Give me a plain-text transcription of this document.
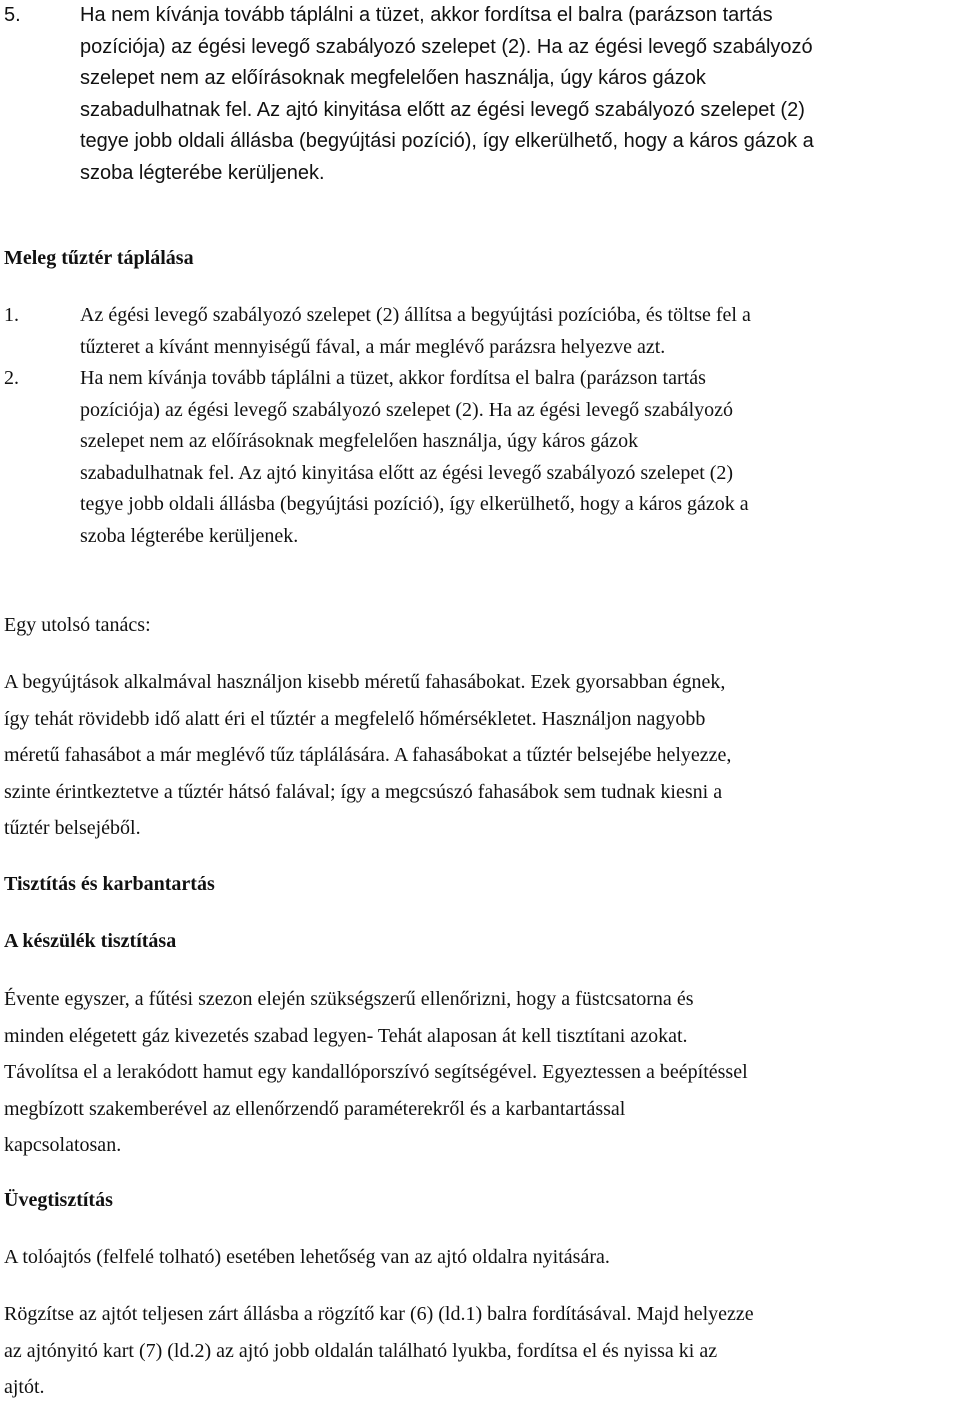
5.	Ha nem kívánja tovább táplálni a tüzet, akkor fordítsa el balra (parázson tartás
pozíciója) az égési levegő szabályozó szelepet (2). Ha az égési levegő szabályozó
szelepet nem az előírásoknak megfelelően használja, úgy káros gázok
szabadulhatnak fel. Az ajtó kinyitása előtt az égési levegő szabályozó szelepet (2)
tegye jobb oldali állásba (begyújtási pozíció), így elkerülhető, hogy a káros gázok a
szoba légterébe kerüljenek.
Meleg tűztér táplálása
1.	Az égési levegő szabályozó szelepet (2) állítsa a begyújtási pozícióba, és töltse fel a
tűzteret a kívánt mennyiségű fával, a már meglévő parázsra helyezve azt.
2.	Ha nem kívánja tovább táplálni a tüzet, akkor fordítsa el balra (parázson tartás
pozíciója) az égési levegő szabályozó szelepet (2). Ha az égési levegő szabályozó
szelepet nem az előírásoknak megfelelően használja, úgy káros gázok
szabadulhatnak fel. Az ajtó kinyitása előtt az égési levegő szabályozó szelepet (2)
tegye jobb oldali állásba (begyújtási pozíció), így elkerülhető, hogy a káros gázok a
szoba légterébe kerüljenek.

Egy utolsó tanács:

A begyújtások alkalmával használjon kisebb méretű fahasábokat. Ezek gyorsabban égnek,
így tehát rövidebb idő alatt éri el tűztér a megfelelő hőmérsékletet. Használjon nagyobb
méretű fahasábot a már meglévő tűz táplálására. A fahasábokat a tűztér belsejébe helyezze,
szinte érintkeztetve a tűztér hátsó falával; így a megcsúszó fahasábok sem tudnak kiesni a
tűztér belsejéből.

Tisztítás és karbantartás
A készülék tisztítása

Évente egyszer, a fűtési szezon elején szükségszerű ellenőrizni, hogy a füstcsatorna és
minden elégetett gáz kivezetés szabad legyen- Tehát alaposan át kell tisztítani azokat.
Távolítsa el a lerakódott hamut egy kandallóporszívó segítségével. Egyeztessen a beépítéssel
megbízott szakemberével az ellenőrzendő paraméterekről és a karbantartással
kapcsolatosan.

Üvegtisztítás

A tolóajtós (felfelé tolható) esetében lehetőség van az ajtó oldalra nyitására.

Rögzítse az ajtót teljesen zárt állásba a rögzítő kar (6) (ld.1) balra fordításával. Majd helyezze
az ajtónyitó kart (7) (ld.2) az ajtó jobb oldalán található lyukba, fordítsa el és nyissa ki az
ajtót.
